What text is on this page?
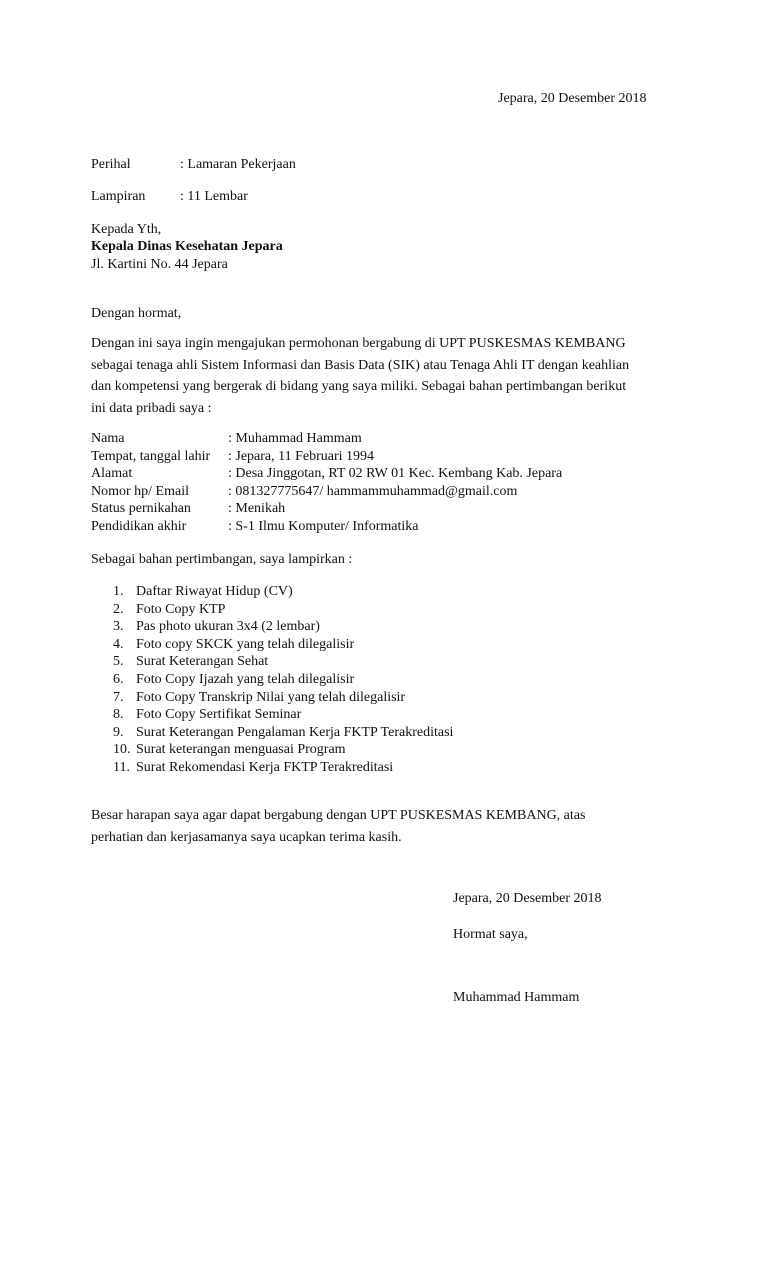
Jepara, 20 Desember 2018
Perihal	: Lamaran Pekerjaan
Lampiran : 11 Lembar
Kepada Yth,
Kepala Dinas Kesehatan Jepara
Jl. Kartini No. 44 Jepara
Dengan hormat,
Dengan ini saya ingin mengajukan permohonan bergabung di UPT PUSKESMAS KEMBANG
sebagai tenaga ahli Sistem Informasi dan Basis Data (SIK) atau Tenaga Ahli IT dengan keahlian
dan kompetensi yang bergerak di bidang yang saya miliki. Sebagai bahan pertimbangan berikut
ini data pribadi saya :
Nama	: Muhammad Hammam
Tempat, tanggal lahir	: Jepara, 11 Februari 1994
Alamat	: Desa Jinggotan, RT 02 RW 01 Kec. Kembang Kab. Jepara
Nomor hp/ Email	: 081327775647/ hammammuhammad@gmail.com
Status pernikahan	: Menikah
Pendidikan akhir	: S-1 Ilmu Komputer/ Informatika
Sebagai bahan pertimbangan, saya lampirkan :
1. Daftar Riwayat Hidup (CV)
2. Foto Copy KTP
3. Pas photo ukuran 3x4 (2 lembar)
4. Foto copy SKCK yang telah dilegalisir
5. Surat Keterangan Sehat
6. Foto Copy Ijazah yang telah dilegalisir
7. Foto Copy Transkrip Nilai yang telah dilegalisir
8. Foto Copy Sertifikat Seminar
9. Surat Keterangan Pengalaman Kerja FKTP Terakreditasi
10. Surat keterangan menguasai Program
11. Surat Rekomendasi Kerja FKTP Terakreditasi
Besar harapan saya agar dapat bergabung dengan UPT PUSKESMAS KEMBANG, atas
perhatian dan kerjasamanya saya ucapkan terima kasih.
Jepara, 20 Desember 2018
Hormat saya,
Muhammad Hammam
